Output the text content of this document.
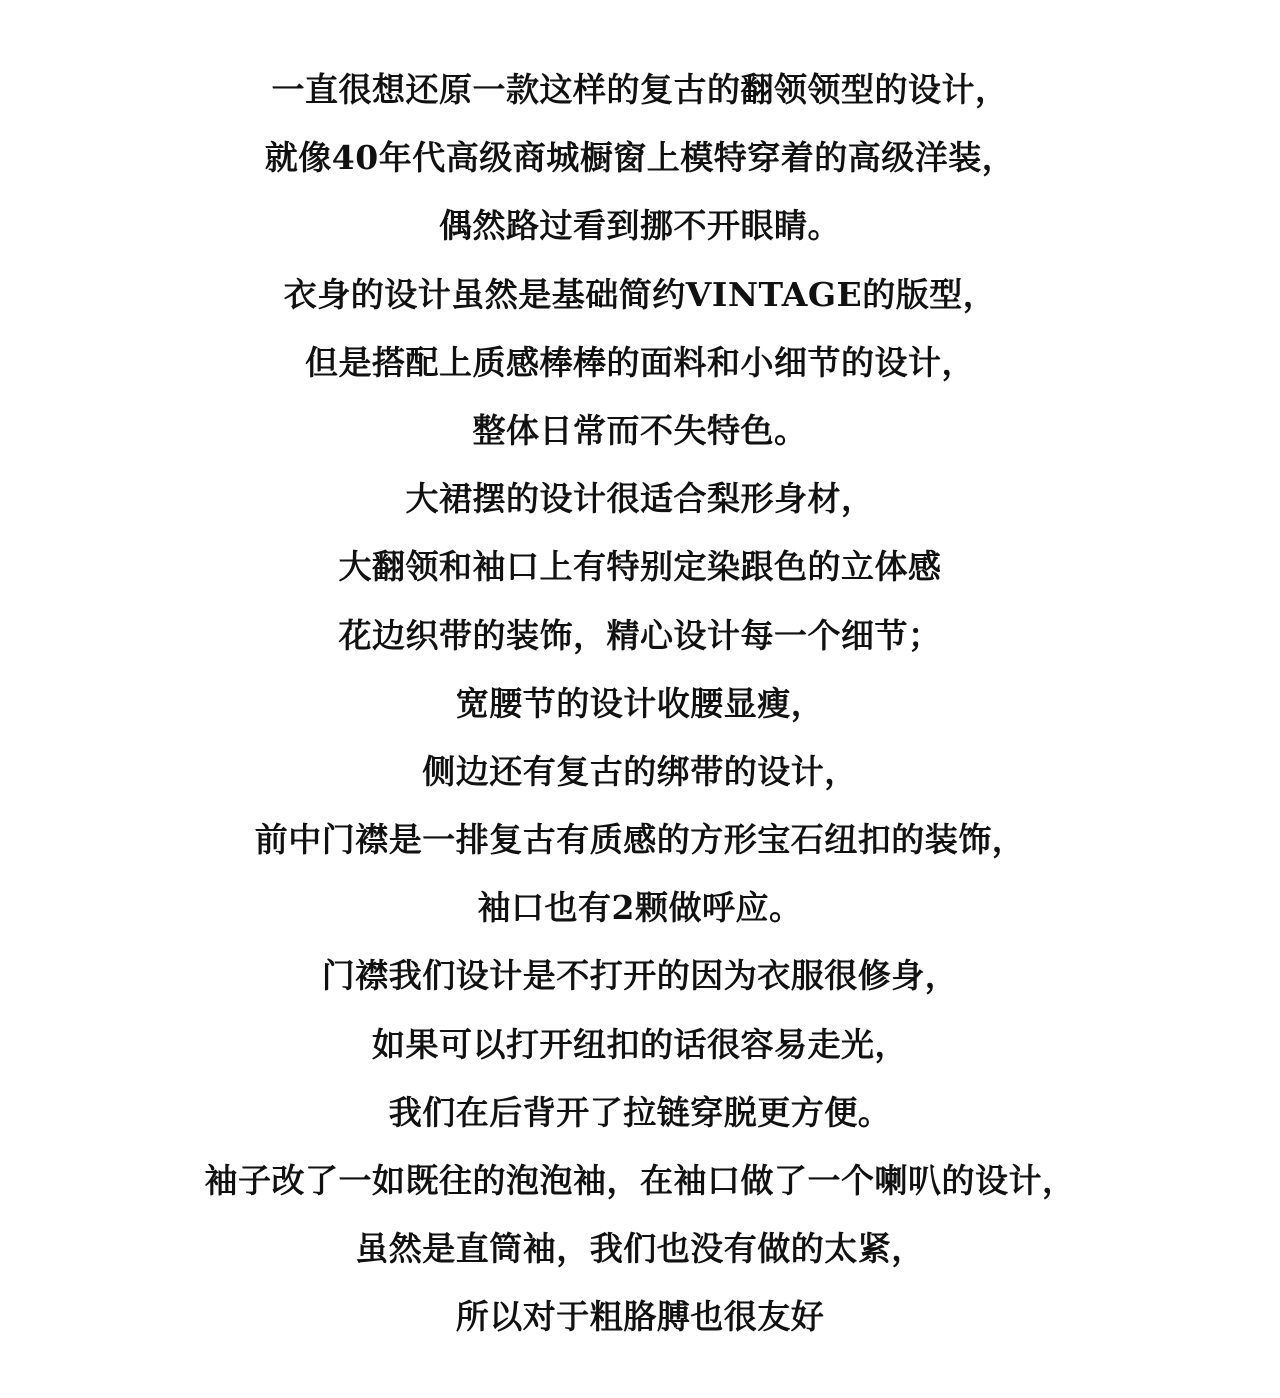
一直很想还原一款这样的复古的翻领领型的设计，
就像40年代高级商城橱窗上模特穿着的高级洋装，
偶然路过看到挪不开眼睛。
衣身的设计虽然是基础简约VINTAGE的版型，
但是搭配上质感棒棒的面料和小细节的设计，
整体日常而不失特色。
大裙摆的设计很适合梨形身材，
大翻领和袖口上有特别定染跟色的立体感
花边织带的装饰，精心设计每一个细节；
宽腰节的设计收腰显瘦，
侧边还有复古的绑带的设计，
前中门襟是一排复古有质感的方形宝石纽扣的装饰，
袖口也有2颗做呼应。
门襟我们设计是不打开的因为衣服很修身，
如果可以打开纽扣的话很容易走光，
我们在后背开了拉链穿脱更方便。
袖子改了一如既往的泡泡袖，在袖口做了一个喇叭的设计，
虽然是直筒袖，我们也没有做的太紧，
所以对于粗胳膊也很友好
